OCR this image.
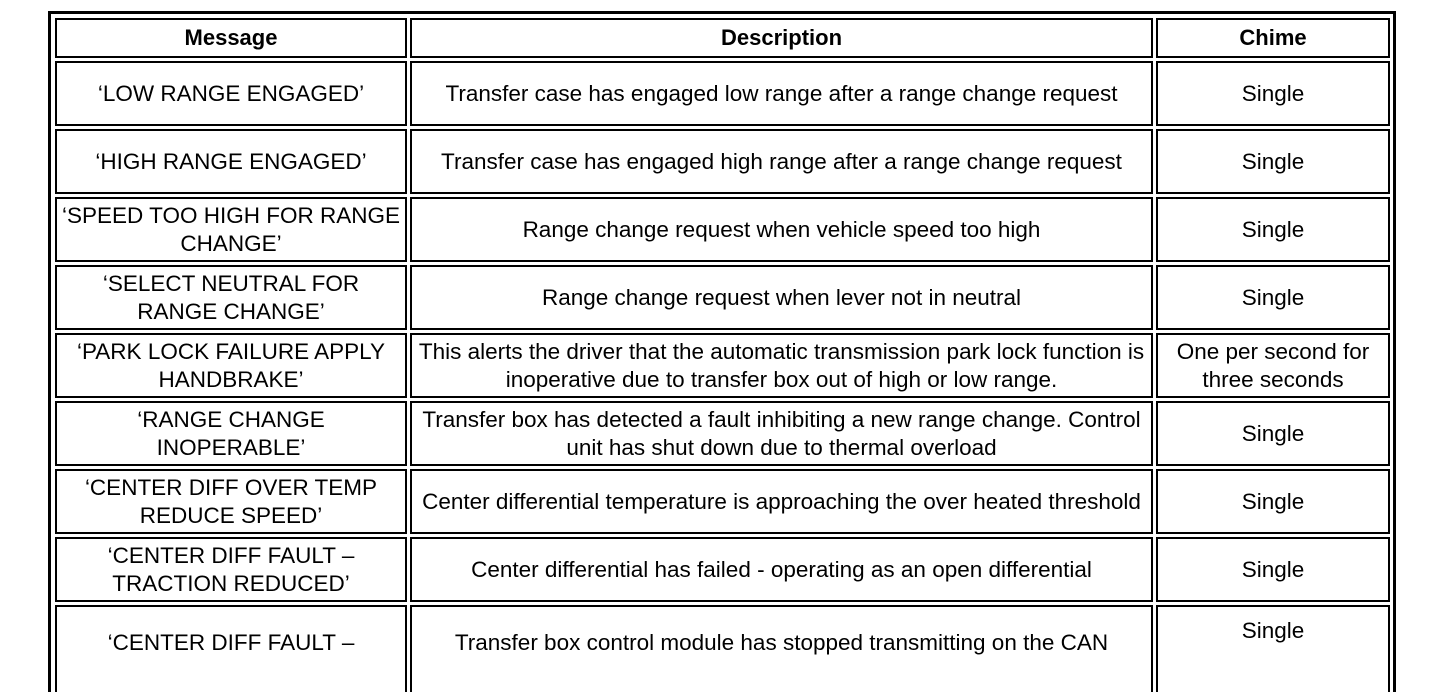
Message	Description	Chime
‘LOW RANGE ENGAGED’	Transfer case has engaged low range after a range change request	Single
‘HIGH RANGE ENGAGED’	Transfer case has engaged high range after a range change request	Single
‘SPEED TOO HIGH FOR RANGE CHANGE’	Range change request when vehicle speed too high	Single
‘SELECT NEUTRAL FOR RANGE CHANGE’	Range change request when lever not in neutral	Single
‘PARK LOCK FAILURE APPLY HANDBRAKE’	This alerts the driver that the automatic transmission park lock function is inoperative due to transfer box out of high or low range.	One per second for three seconds
‘RANGE CHANGE INOPERABLE’	Transfer box has detected a fault inhibiting a new range change. Control unit has shut down due to thermal overload	Single
‘CENTER DIFF OVER TEMP REDUCE SPEED’	Center differential temperature is approaching the over heated threshold	Single
‘CENTER DIFF FAULT – TRACTION REDUCED’	Center differential has failed - operating as an open differential	Single
‘CENTER DIFF FAULT –	Transfer box control module has stopped transmitting on the CAN	Single
